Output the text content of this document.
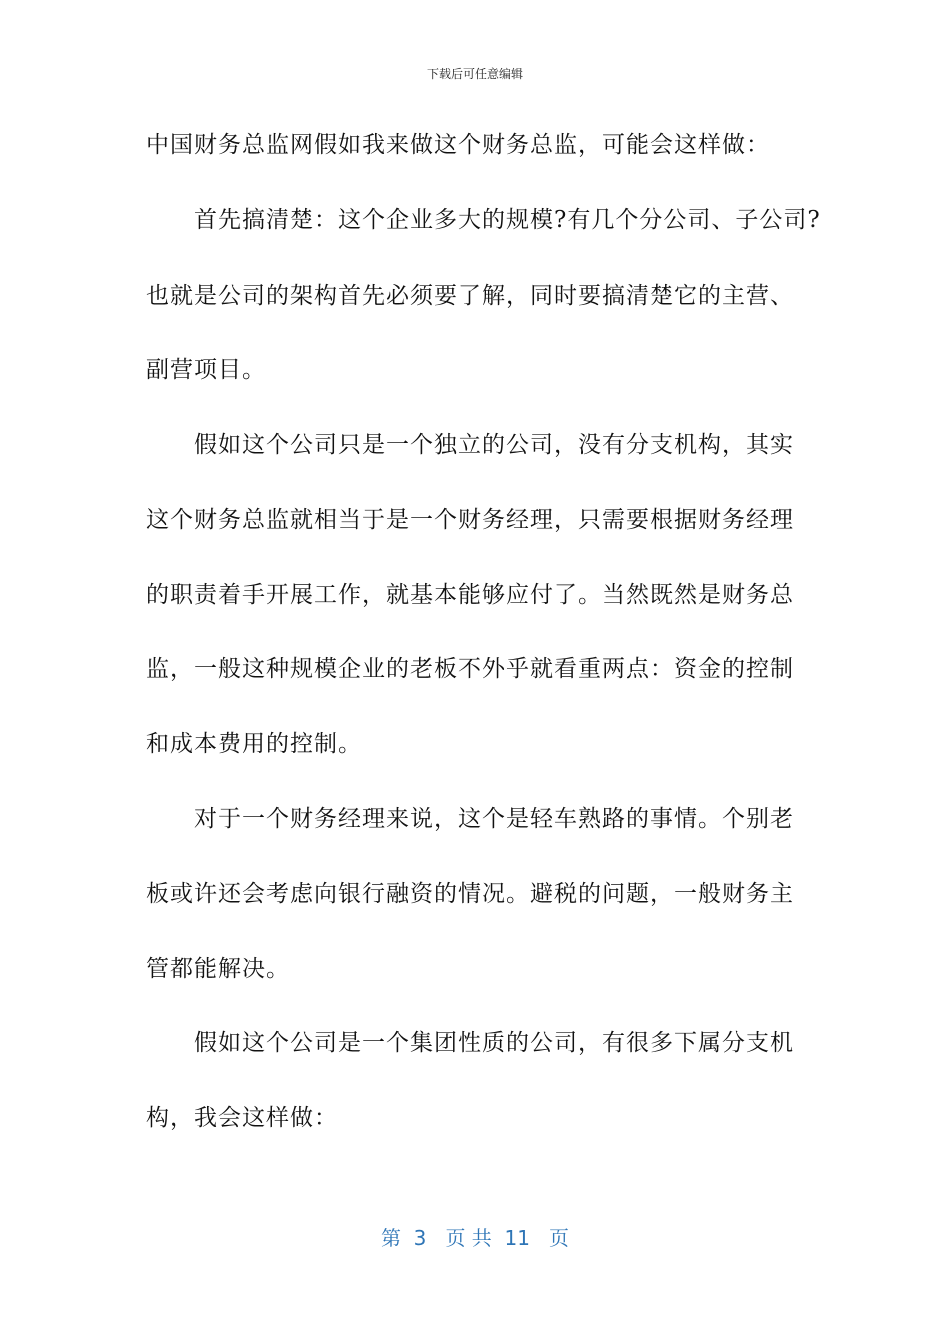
下载后可任意编辑
中国财务总监网假如我来做这个财务总监，可能会这样做：
首先搞清楚：这个企业多大的规模?有几个分公司、子公司?
也就是公司的架构首先必须要了解，同时要搞清楚它的主营、
副营项目。
假如这个公司只是一个独立的公司，没有分支机构，其实
这个财务总监就相当于是一个财务经理，只需要根据财务经理
的职责着手开展工作，就基本能够应付了。当然既然是财务总
监，一般这种规模企业的老板不外乎就看重两点：资金的控制
和成本费用的控制。
对于一个财务经理来说，这个是轻车熟路的事情。个别老
板或许还会考虑向银行融资的情况。避税的问题，一般财务主
管都能解决。
假如这个公司是一个集团性质的公司，有很多下属分支机
构，我会这样做：
第  3   页 共  11   页
